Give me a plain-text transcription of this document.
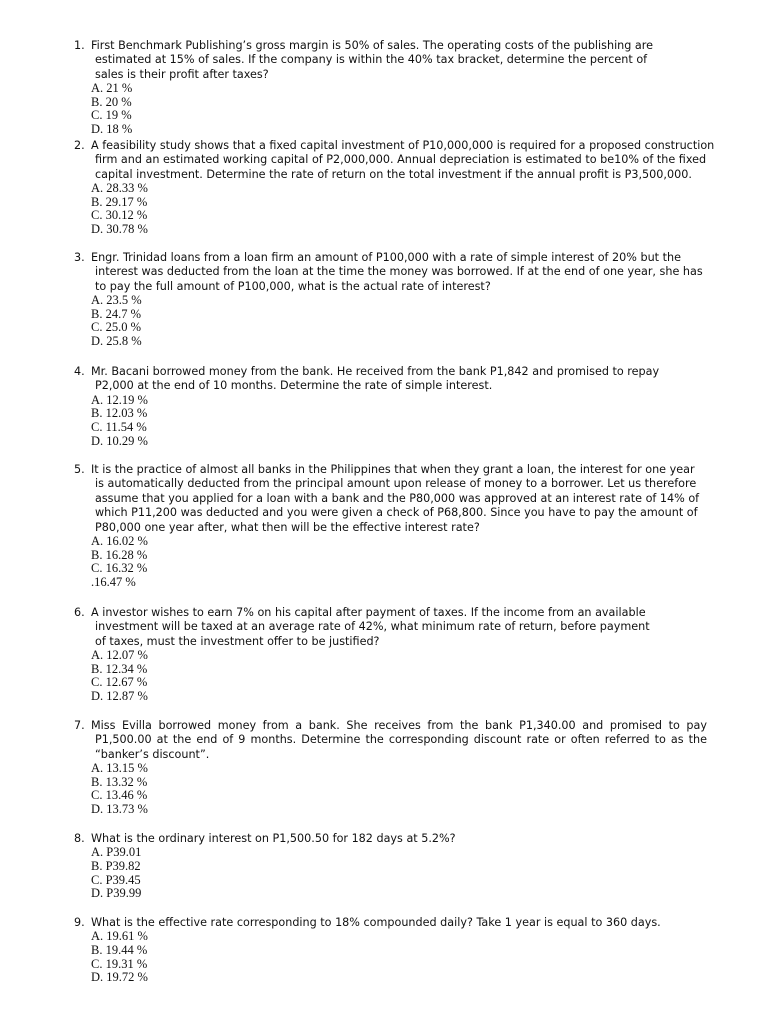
1. First Benchmark Publishing’s gross margin is 50% of sales. The operating costs of the publishing are estimated at 15% of sales. If the company is within the 40% tax bracket, determine the percent of sales is their profit after taxes?
A. 21 %
B. 20 %
C. 19 %
D. 18 %
2. A feasibility study shows that a fixed capital investment of P10,000,000 is required for a proposed construction firm and an estimated working capital of P2,000,000. Annual depreciation is estimated to be10% of the fixed capital investment. Determine the rate of return on the total investment if the annual profit is P3,500,000.
A. 28.33 %
B. 29.17 %
C. 30.12 %
D. 30.78 %
3. Engr. Trinidad loans from a loan firm an amount of P100,000 with a rate of simple interest of 20% but the interest was deducted from the loan at the time the money was borrowed. If at the end of one year, she has to pay the full amount of P100,000, what is the actual rate of interest?
A. 23.5 %
B. 24.7 %
C. 25.0 %
D. 25.8 %
4. Mr. Bacani borrowed money from the bank. He received from the bank P1,842 and promised to repay P2,000 at the end of 10 months. Determine the rate of simple interest.
A. 12.19 %
B. 12.03 %
C. 11.54 %
D. 10.29 %
5. It is the practice of almost all banks in the Philippines that when they grant a loan, the interest for one year is automatically deducted from the principal amount upon release of money to a borrower. Let us therefore assume that you applied for a loan with a bank and the P80,000 was approved at an interest rate of 14% of which P11,200 was deducted and you were given a check of P68,800. Since you have to pay the amount of P80,000 one year after, what then will be the effective interest rate?
A. 16.02 %
B. 16.28 %
C. 16.32 %
.16.47 %
6. A investor wishes to earn 7% on his capital after payment of taxes. If the income from an available investment will be taxed at an average rate of 42%, what minimum rate of return, before payment of taxes, must the investment offer to be justified?
A. 12.07 %
B. 12.34 %
C. 12.67 %
D. 12.87 %
7. Miss Evilla borrowed money from a bank. She receives from the bank P1,340.00 and promised to pay P1,500.00 at the end of 9 months. Determine the corresponding discount rate or often referred to as the “banker’s discount”.
A. 13.15 %
B. 13.32 %
C. 13.46 %
D. 13.73 %
8. What is the ordinary interest on P1,500.50 for 182 days at 5.2%?
A. P39.01
B. P39.82
C. P39.45
D. P39.99
9. What is the effective rate corresponding to 18% compounded daily? Take 1 year is equal to 360 days.
A. 19.61 %
B. 19.44 %
C. 19.31 %
D. 19.72 %
